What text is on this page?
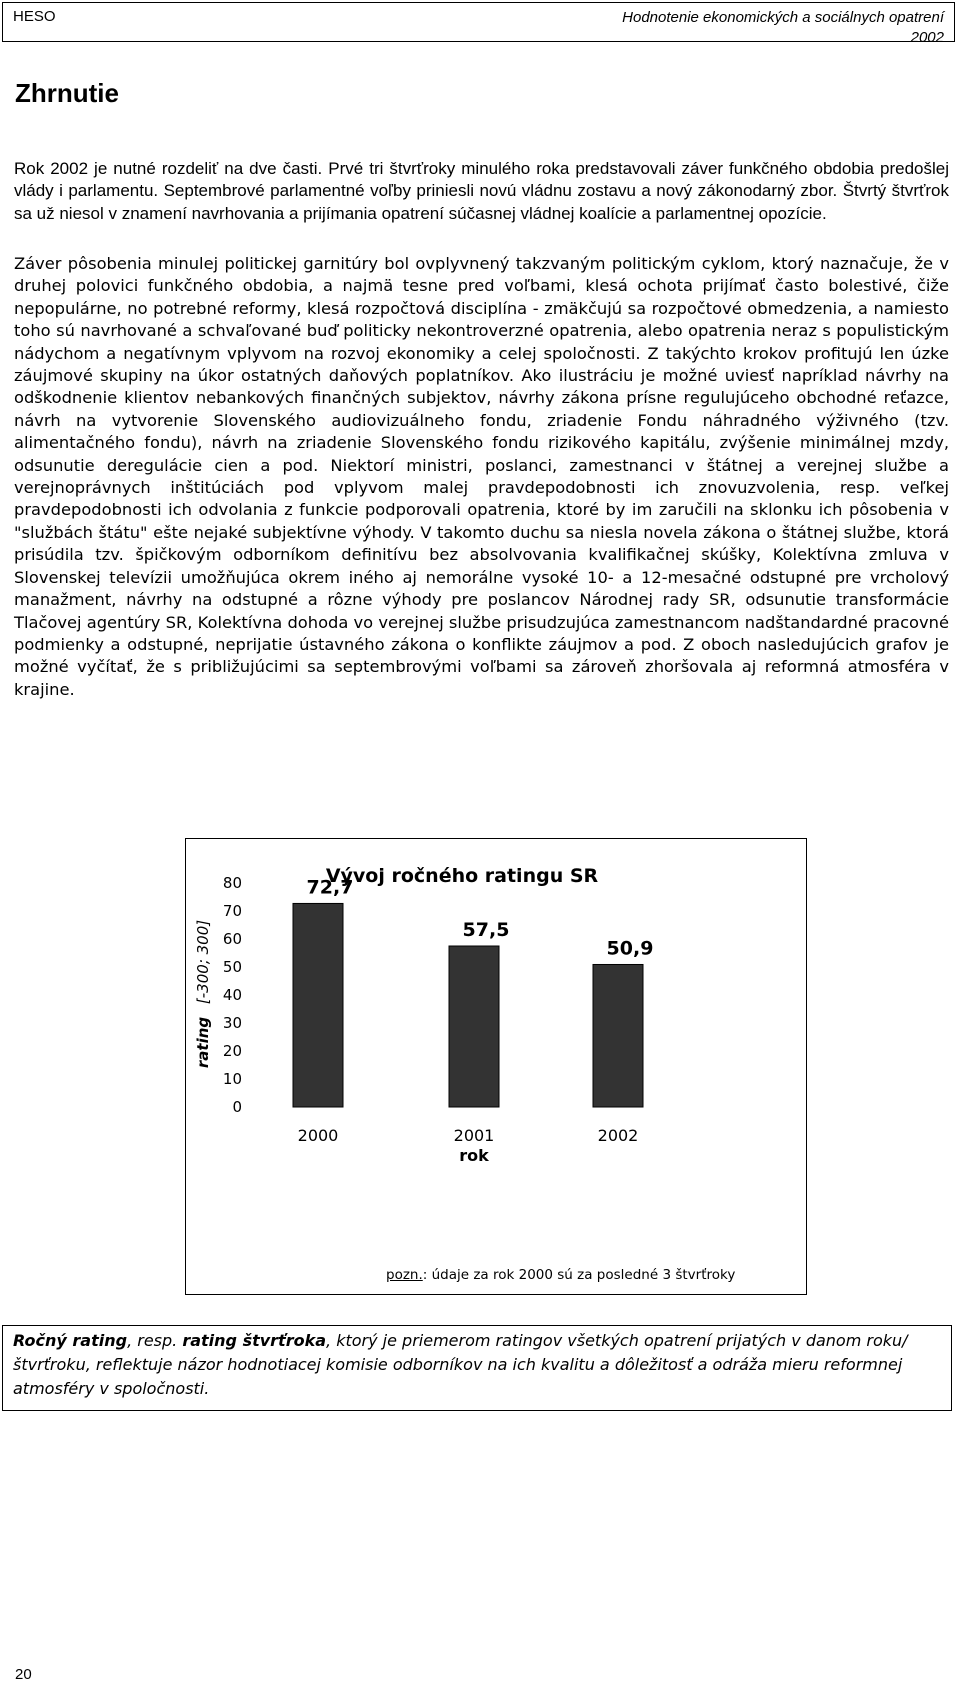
HESO	Hodnotenie ekonomických a sociálnych opatrení
2002
Zhrnutie

Rok 2002 je nutné rozdeliť na dve časti. Prvé tri štvrťroky minulého roka predstavovali záver funkčného obdobia predošlej vlády i parlamentu. Septembrové parlamentné voľby priniesli novú vládnu zostavu a nový zákonodarný zbor. Štvrtý štvrťrok sa už niesol v znamení navrhovania a prijímania opatrení súčasnej vládnej koalície a parlamentnej opozície.

Záver pôsobenia minulej politickej garnitúry bol ovplyvnený takzvaným politickým cyklom, ktorý naznačuje, že v druhej polovici funkčného obdobia, a najmä tesne pred voľbami, klesá ochota prijímať často bolestivé, čiže nepopulárne, no potrebné reformy, klesá rozpočtová disciplína - zmäkčujú sa rozpočtové obmedzenia, a namiesto toho sú navrhované a schvaľované buď politicky nekontroverzné opatrenia, alebo opatrenia neraz s populistickým nádychom a negatívnym vplyvom na rozvoj ekonomiky a celej spoločnosti. Z takýchto krokov profitujú len úzke záujmové skupiny na úkor ostatných daňových poplatníkov. Ako ilustráciu je možné uviesť napríklad návrhy na odškodnenie klientov nebankových finančných subjektov, návrhy zákona prísne regulujúceho obchodné reťazce, návrh na vytvorenie Slovenského audiovizuálneho fondu, zriadenie Fondu náhradného výživného (tzv. alimentačného fondu), návrh na zriadenie Slovenského fondu rizikového kapitálu, zvýšenie minimálnej mzdy, odsunutie deregulácie cien a pod. Niektorí ministri, poslanci, zamestnanci v štátnej a verejnej službe a verejnoprávnych inštitúciách pod vplyvom malej pravdepodobnosti ich znovuzvolenia, resp. veľkej pravdepodobnosti ich odvolania z funkcie podporovali opatrenia, ktoré by im zaručili na sklonku ich pôsobenia v "službách štátu" ešte nejaké subjektívne výhody. V takomto duchu sa niesla novela zákona o štátnej službe, ktorá prisúdila tzv. špičkovým odborníkom definitívu bez absolvovania kvalifikačnej skúšky, Kolektívna zmluva v Slovenskej televízii umožňujúca okrem iného aj nemorálne vysoké 10- a 12-mesačné odstupné pre vrcholový manažment, návrhy na odstupné a rôzne výhody pre poslancov Národnej rady SR, odsunutie transformácie Tlačovej agentúry SR, Kolektívna dohoda vo verejnej službe prisudzujúca zamestnancom nadštandardné pracovné podmienky a odstupné, neprijatie ústavného zákona o konflikte záujmov a pod. Z oboch nasledujúcich grafov je možné vyčítať, že s približujúcimi sa septembrovými voľbami sa zároveň zhoršovala aj reformná atmosféra v krajine.

Vývoj ročného ratingu SR
rating [-300; 300]
0
10
20
30
40
50
60
70
80	72,7
57,5
50,9
2000	2001	2002
rok
pozn.: údaje za rok 2000 sú za posledné 3 štvrťroky
Ročný rating, resp. rating štvrťroka, ktorý je priemerom ratingov všetkých opatrení prijatých v danom roku/štvrťroku, reflektuje názor hodnotiacej komisie odborníkov na ich kvalitu a dôležitosť a odráža mieru reformnej atmosféry v spoločnosti.
20
